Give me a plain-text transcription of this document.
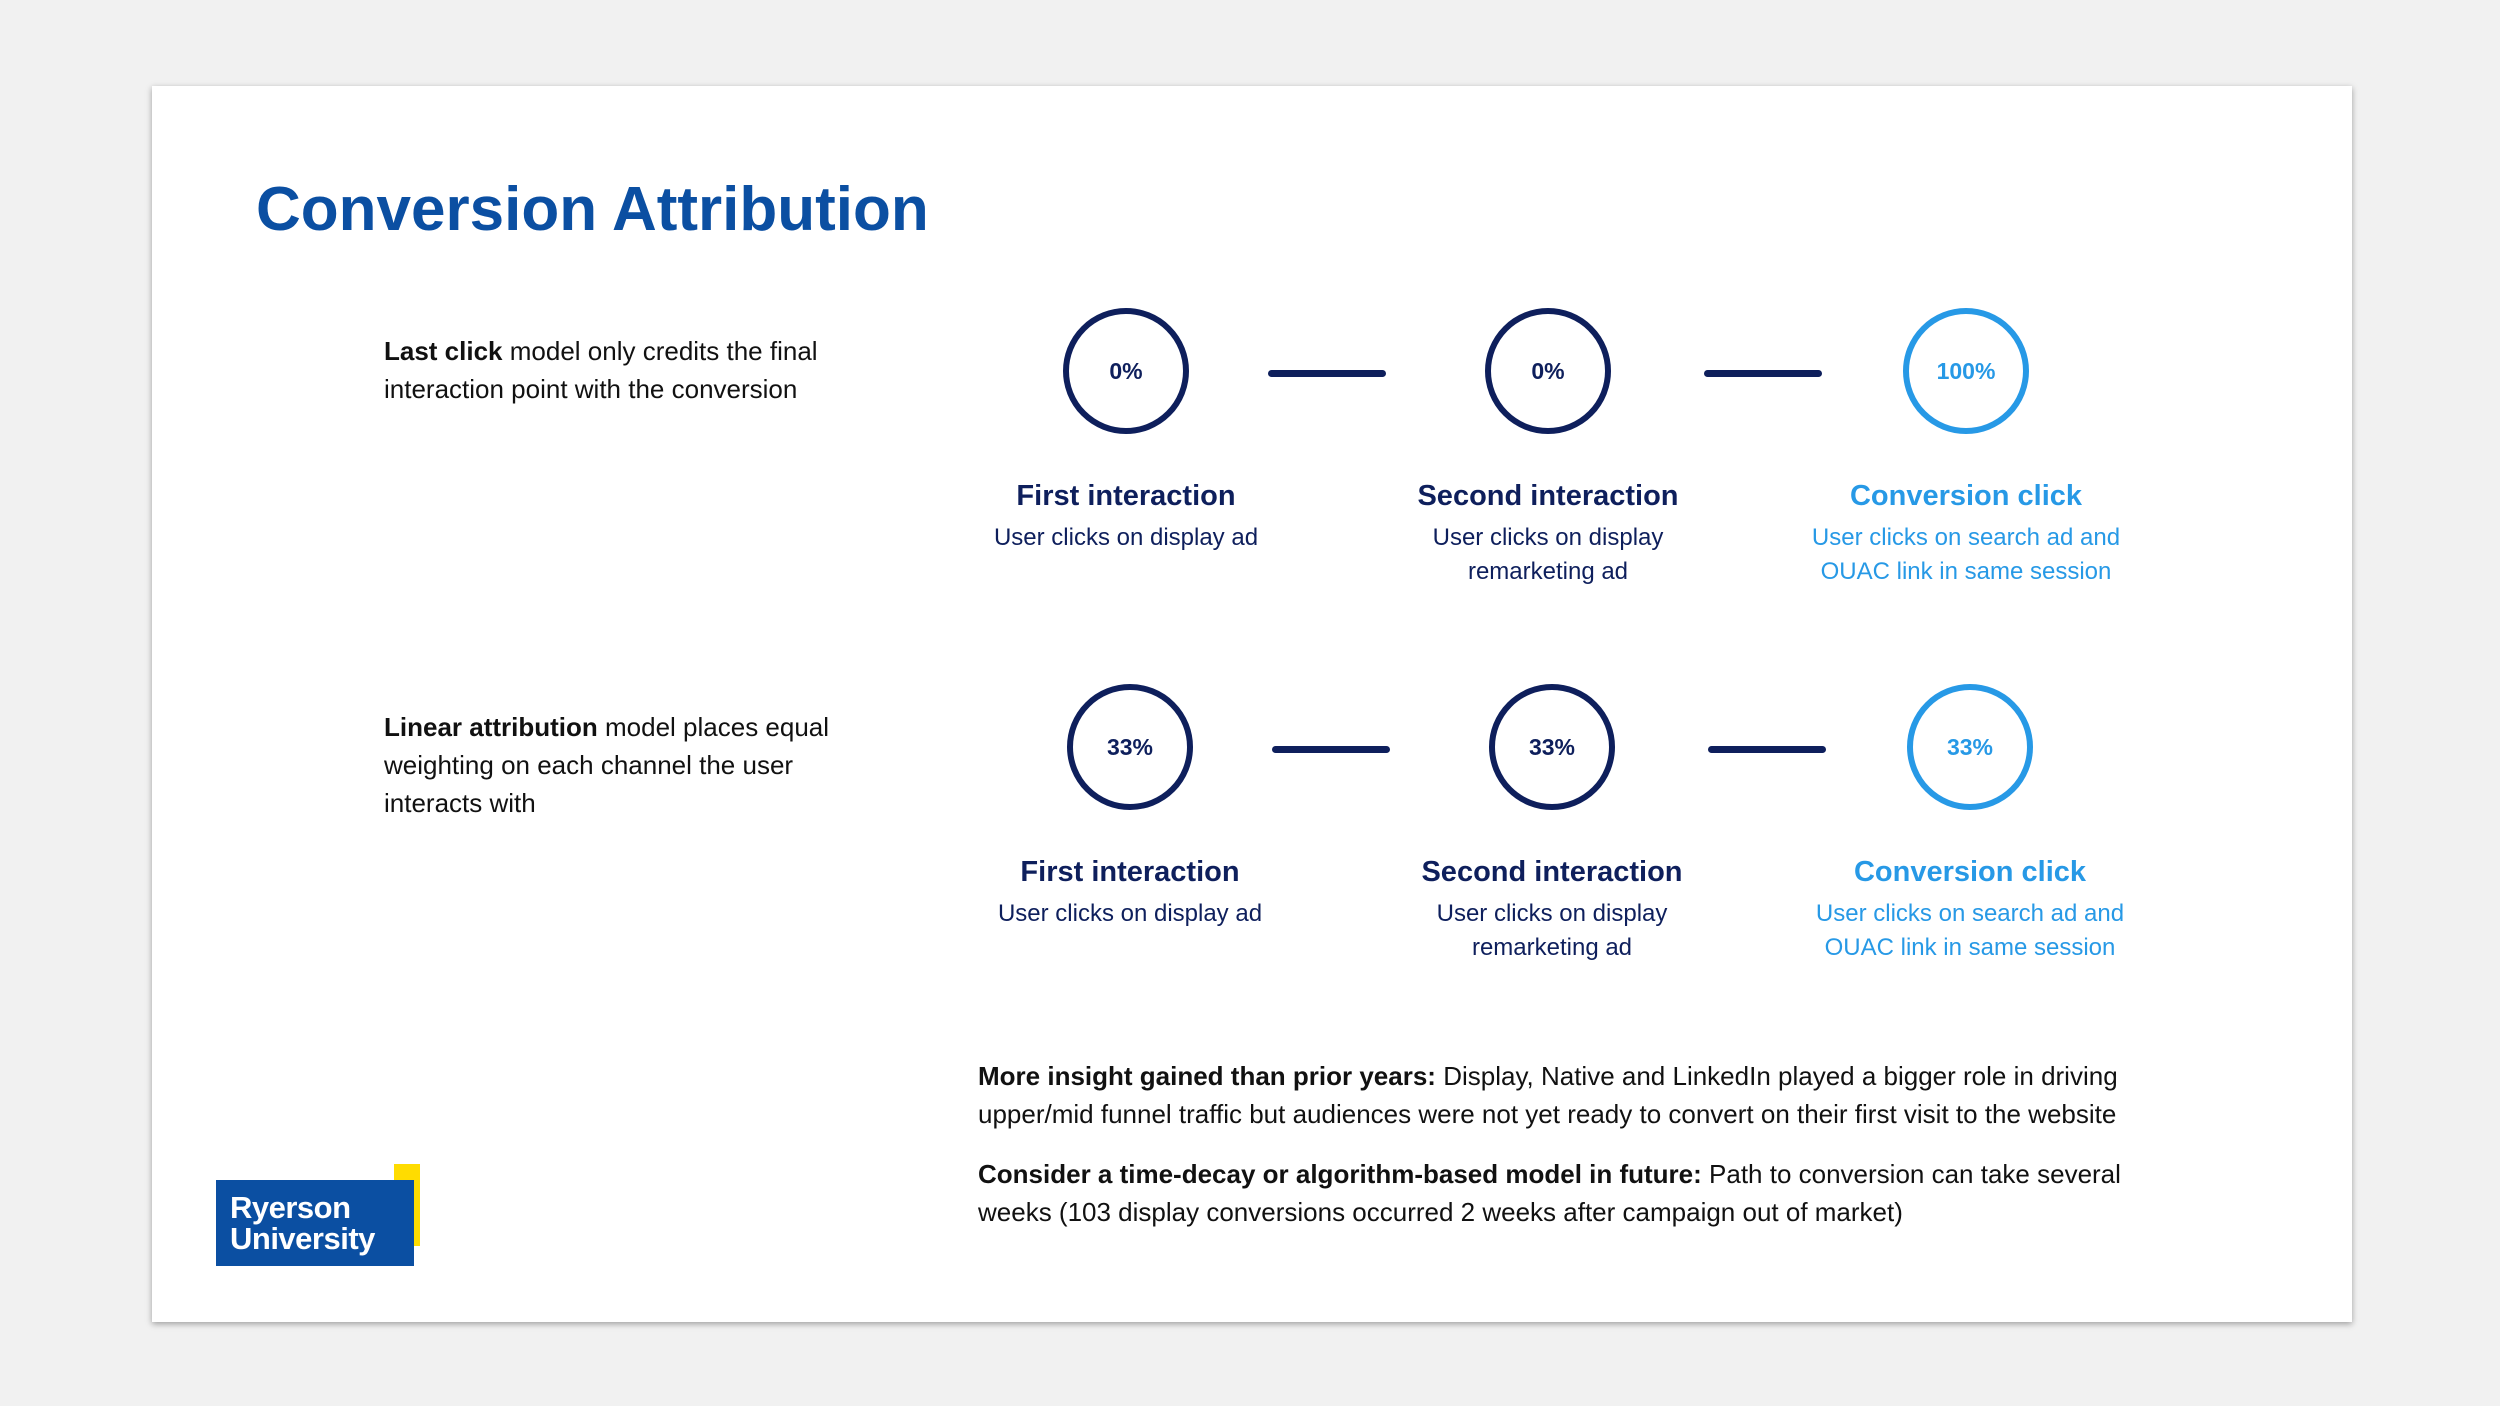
Conversion Attribution
Last click model only credits the final interaction point with the conversion
0%
First interaction
User clicks on display ad
0%
Second interaction
User clicks on display remarketing ad
100%
Conversion click
User clicks on search ad and OUAC link in same session
Linear attribution model places equal weighting on each channel the user interacts with
33%
First interaction
User clicks on display ad
33%
Second interaction
User clicks on display remarketing ad
33%
Conversion click
User clicks on search ad and OUAC link in same session
More insight gained than prior years: Display, Native and LinkedIn played a bigger role in driving upper/mid funnel traffic but audiences were not yet ready to convert on their first visit to the website
Consider a time-decay or algorithm-based model in future: Path to conversion can take several weeks (103 display conversions occurred 2 weeks after campaign out of market)
Ryerson
University
